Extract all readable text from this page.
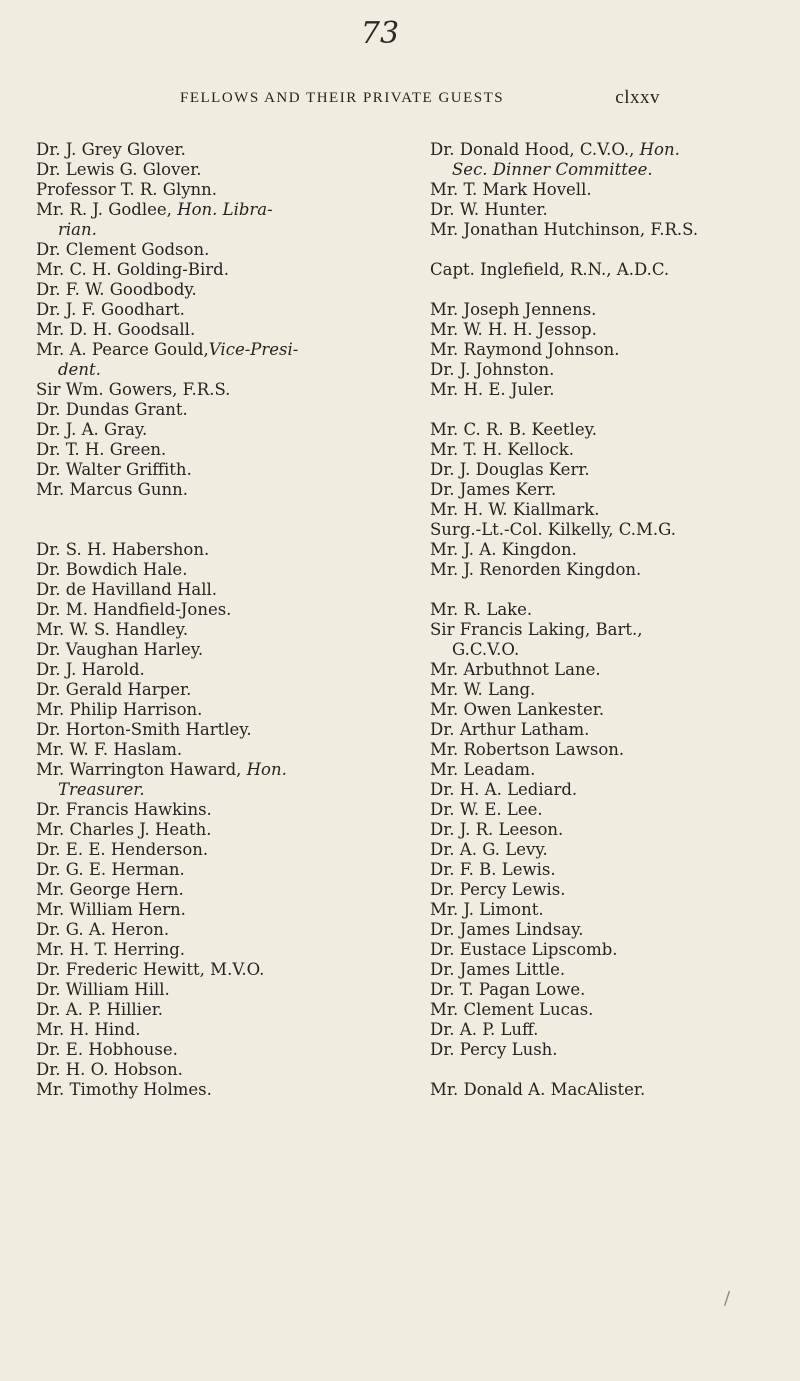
73
FELLOWS AND THEIR PRIVATE GUESTS	clxxv
Dr. J. Grey Glover.
Dr. Lewis G. Glover.
Professor T. R. Glynn.
Mr. R. J. Godlee, Hon. Libra-
rian.
Dr. Clement Godson.
Mr. C. H. Golding-Bird.
Dr. F. W. Goodbody.
Dr. J. F. Goodhart.
Mr. D. H. Goodsall.
Mr. A. Pearce Gould,Vice-Presi-
dent.
Sir Wm. Gowers, F.R.S.
Dr. Dundas Grant.
Dr. J. A. Gray.
Dr. T. H. Green.
Dr. Walter Griffith.
Mr. Marcus Gunn.
Dr. S. H. Habershon.
Dr. Bowdich Hale.
Dr. de Havilland Hall.
Dr. M. Handfield-Jones.
Mr. W. S. Handley.
Dr. Vaughan Harley.
Dr. J. Harold.
Dr. Gerald Harper.
Mr. Philip Harrison.
Dr. Horton-Smith Hartley.
Mr. W. F. Haslam.
Mr. Warrington Haward, Hon.
Treasurer.
Dr. Francis Hawkins.
Mr. Charles J. Heath.
Dr. E. E. Henderson.
Dr. G. E. Herman.
Mr. George Hern.
Mr. William Hern.
Dr. G. A. Heron.
Mr. H. T. Herring.
Dr. Frederic Hewitt, M.V.O.
Dr. William Hill.
Dr. A. P. Hillier.
Mr. H. Hind.
Dr. E. Hobhouse.
Dr. H. O. Hobson.
Mr. Timothy Holmes.
Dr. Donald Hood, C.V.O., Hon.
Sec. Dinner Committee.
Mr. T. Mark Hovell.
Dr. W. Hunter.
Mr. Jonathan Hutchinson, F.R.S.
Capt. Inglefield, R.N., A.D.C.
Mr. Joseph Jennens.
Mr. W. H. H. Jessop.
Mr. Raymond Johnson.
Dr. J. Johnston.
Mr. H. E. Juler.
Mr. C. R. B. Keetley.
Mr. T. H. Kellock.
Dr. J. Douglas Kerr.
Dr. James Kerr.
Mr. H. W. Kiallmark.
Surg.-Lt.-Col. Kilkelly, C.M.G.
Mr. J. A. Kingdon.
Mr. J. Renorden Kingdon.
Mr. R. Lake.
Sir Francis Laking, Bart.,
G.C.V.O.
Mr. Arbuthnot Lane.
Mr. W. Lang.
Mr. Owen Lankester.
Dr. Arthur Latham.
Mr. Robertson Lawson.
Mr. Leadam.
Dr. H. A. Lediard.
Dr. W. E. Lee.
Dr. J. R. Leeson.
Dr. A. G. Levy.
Dr. F. B. Lewis.
Dr. Percy Lewis.
Mr. J. Limont.
Dr. James Lindsay.
Dr. Eustace Lipscomb.
Dr. James Little.
Dr. T. Pagan Lowe.
Mr. Clement Lucas.
Dr. A. P. Luff.
Dr. Percy Lush.
Mr. Donald A. MacAlister.
/
